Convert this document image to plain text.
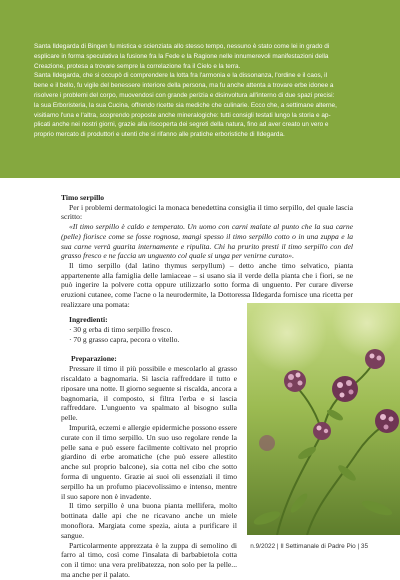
Santa Ildegarda di Bingen fu mistica e scienziata allo stesso tempo, nessuno è stato come lei in grado di
esplicare in forma speculativa la fusione fra la Fede e la Ragione nelle innumerevoli manifestazioni della
Creazione, protesa a trovare sempre la correlazione fra il Cielo e la terra.
Santa Ildegarda, che si occupò di comprendere la lotta fra l'armonia e la dissonanza, l'ordine e il caos, il
bene e il bello, fu vigile del benessere interiore della persona, ma fu anche attenta a trovare erbe idonee a
risolvere i problemi del corpo, muovendosi con grande perizia e disinvoltura all'interno di due spazi precisi:
la sua Erboristeria, la sua Cucina, offrendo ricette sia mediche che culinarie. Ecco che, a settimane alterne,
visitiamo l'una e l'altra, scoprendo proposte anche mineralogiche: tutti consigli testati lungo la storia e ap-
plicati anche nei nostri giorni, grazie alla riscoperta dei segreti della natura, fino ad aver creato un vero e
proprio mercato di produttori e utenti che si rifanno alle pratiche erboristiche di Ildegarda.

Timo serpillo

Per i problemi dermatologici la monaca benedettina consiglia il timo serpillo, del quale lascia scritto:

«Il timo serpillo è caldo e temperato. Un uomo con carni malate al punto che la sua carne (pelle) fiorisce come se fosse rognosa, mangi spesso il timo serpillo cotto o in una zuppa e la sua carne verrà guarita internamente e ripulita. Chi ha prurito presti il timo serpillo con del grasso fresco e ne faccia un unguento col quale si unga per venirne curato».

Il timo serpillo (dal latino thymus serpyllum) – detto anche timo selvatico, pianta appartenente alla famiglia delle lamiaceae – si usano sia il verde della pianta che i fiori, se ne può ingerire la polvere cotta oppure utilizzarlo sotto forma di unguento. Per curare diverse eruzioni cutanee, come l'acne o la neurodermite, la Dottoressa Ildegarda fornisce una ricetta per realizzare una pomata:

Ingredienti:
· 30 g erba di timo serpillo fresco.
· 70 g grasso capra, pecora o vitello.
Preparazione:

Pressare il timo il più possibile e mescolarlo al grasso riscaldato a bagnomaria. Si lascia raffreddare il tutto e riposare una notte. Il giorno seguente si riscalda, ancora a bagnomaria, il composto, si filtra l'erba e si lascia raffreddare. L'unguento va spalmato al bisogno sulla pelle.

Impurità, eczemi e allergie epidermiche possono essere curate con il timo serpillo. Un suo uso regolare rende la pelle sana e può essere facilmente coltivato nel proprio giardino di erbe aromatiche (che può essere allestito anche sul proprio balcone), sia cotta nel cibo che sotto forma di unguento. Grazie ai suoi oli essenziali il timo serpillo ha un profumo piacevolissimo e intenso, mentre il suo sapore non è invadente.

Il timo serpillo è una buona pianta mellifera, molto bottinata dalle api che ne ricavano anche un miele monoflora. Margiata come spezia, aiuta a purificare il sangue.

Particolarmente apprezzata è la zuppa di semolino di farro al timo, così come l'insalata di barbabietola cotta con il timo: una vera prelibatezza, non solo per la pelle... ma anche per il palato.

n.9/2022 | Il Settimanale di Padre Pio | 35
